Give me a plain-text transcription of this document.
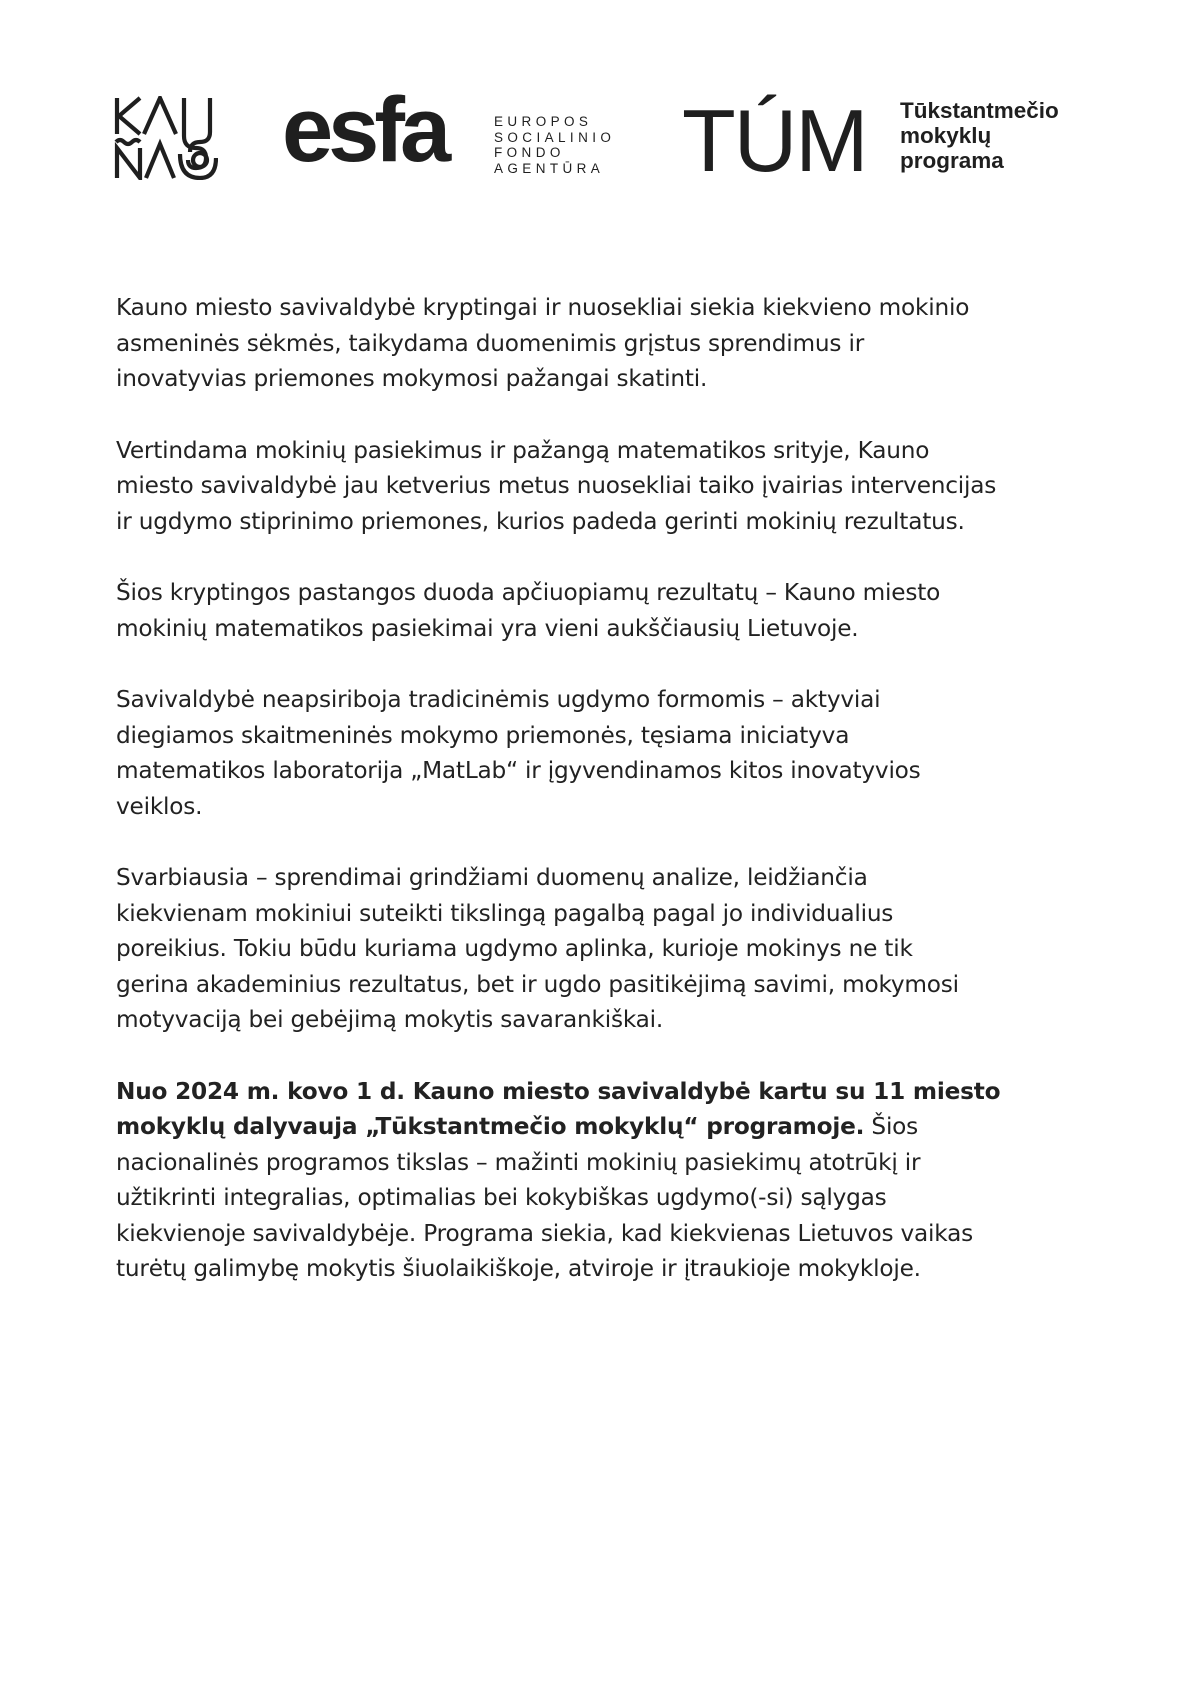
esfa	EUROPOS
SOCIALINIO
FONDO
AGENTŪRA TÚM Tūkstantmečio
mokyklų
programa

Kauno miesto savivaldybė kryptingai ir nuosekliai siekia kiekvieno mokinio
asmeninės sėkmės, taikydama duomenimis grįstus sprendimus ir
inovatyvias priemones mokymosi pažangai skatinti.

Vertindama mokinių pasiekimus ir pažangą matematikos srityje, Kauno
miesto savivaldybė jau ketverius metus nuosekliai taiko įvairias intervencijas
ir ugdymo stiprinimo priemones, kurios padeda gerinti mokinių rezultatus.

Šios kryptingos pastangos duoda apčiuopiamų rezultatų – Kauno miesto
mokinių matematikos pasiekimai yra vieni aukščiausių Lietuvoje.

Savivaldybė neapsiriboja tradicinėmis ugdymo formomis – aktyviai
diegiamos skaitmeninės mokymo priemonės, tęsiama iniciatyva
matematikos laboratorija „MatLab“ ir įgyvendinamos kitos inovatyvios
veiklos.

Svarbiausia – sprendimai grindžiami duomenų analize, leidžiančia
kiekvienam mokiniui suteikti tikslingą pagalbą pagal jo individualius
poreikius. Tokiu būdu kuriama ugdymo aplinka, kurioje mokinys ne tik
gerina akademinius rezultatus, bet ir ugdo pasitikėjimą savimi, mokymosi
motyvaciją bei gebėjimą mokytis savarankiškai.

Nuo 2024 m. kovo 1 d. Kauno miesto savivaldybė kartu su 11 miesto
mokyklų dalyvauja „Tūkstantmečio mokyklų“ programoje. Šios
nacionalinės programos tikslas – mažinti mokinių pasiekimų atotrūkį ir
užtikrinti integralias, optimalias bei kokybiškas ugdymo(-si) sąlygas
kiekvienoje savivaldybėje. Programa siekia, kad kiekvienas Lietuvos vaikas
turėtų galimybę mokytis šiuolaikiškoje, atviroje ir įtraukioje mokykloje.
